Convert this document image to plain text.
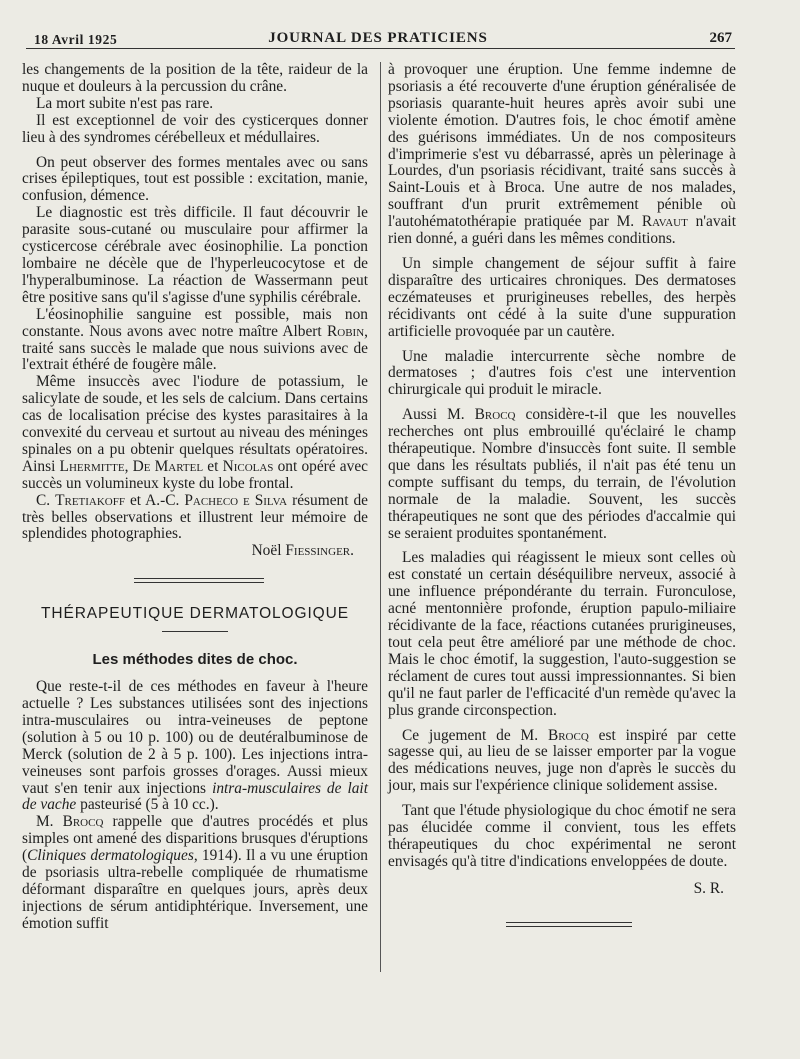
18 Avril 1925	JOURNAL DES PRATICIENS	267

les changements de la position de la tête, raideur de la nuque et douleurs à la percussion du crâne.

La mort subite n'est pas rare.

Il est exceptionnel de voir des cysticerques donner lieu à des syndromes cérébelleux et médullaires.

On peut observer des formes mentales avec ou sans crises épileptiques, tout est possible : excitation, manie, confusion, démence.

Le diagnostic est très difficile. Il faut découvrir le parasite sous-cutané ou musculaire pour affirmer la cysticercose cérébrale avec éosinophilie. La ponction lombaire ne décèle que de l'hyperleucocytose et de l'hyperalbuminose. La réaction de Wassermann peut être positive sans qu'il s'agisse d'une syphilis cérébrale.

L'éosinophilie sanguine est possible, mais non constante. Nous avons avec notre maître Albert Robin, traité sans succès le malade que nous suivions avec de l'extrait éthéré de fougère mâle.

Même insuccès avec l'iodure de potassium, le salicylate de soude, et les sels de calcium. Dans certains cas de localisation précise des kystes parasitaires à la convexité du cerveau et surtout au niveau des méninges spinales on a pu obtenir quelques résultats opératoires. Ainsi Lhermitte, De Martel et Nicolas ont opéré avec succès un volumineux kyste du lobe frontal.

C. Tretiakoff et A.-C. Pacheco e Silva résument de très belles observations et illustrent leur mémoire de splendides photographies.

Noël Fiessinger.

THÉRAPEUTIQUE DERMATOLOGIQUE

Les méthodes dites de choc.

Que reste-t-il de ces méthodes en faveur à l'heure actuelle ? Les substances utilisées sont des injections intra-musculaires ou intra-veineuses de peptone (solution à 5 ou 10 p. 100) ou de deutéralbuminose de Merck (solution de 2 à 5 p. 100). Les injections intra-veineuses sont parfois grosses d'orages. Aussi mieux vaut s'en tenir aux injections intra-musculaires de lait de vache pasteurisé (5 à 10 cc.).

M. Brocq rappelle que d'autres procédés et plus simples ont amené des disparitions brusques d'éruptions (Cliniques dermatologiques, 1914). Il a vu une éruption de psoriasis ultra-rebelle compliquée de rhumatisme déformant disparaître en quelques jours, après deux injections de sérum antidiphtérique. Inversement, une émotion suffit

à provoquer une éruption. Une femme indemne de psoriasis a été recouverte d'une éruption généralisée de psoriasis quarante-huit heures après avoir subi une violente émotion. D'autres fois, le choc émotif amène des guérisons immédiates. Un de nos compositeurs d'imprimerie s'est vu débarrassé, après un pèlerinage à Lourdes, d'un psoriasis récidivant, traité sans succès à Saint-Louis et à Broca. Une autre de nos malades, souffrant d'un prurit extrêmement pénible où l'autohématothérapie pratiquée par M. Ravaut n'avait rien donné, a guéri dans les mêmes conditions.

Un simple changement de séjour suffit à faire disparaître des urticaires chroniques. Des dermatoses eczémateuses et prurigineuses rebelles, des herpès récidivants ont cédé à la suite d'une suppuration artificielle provoquée par un cautère.

Une maladie intercurrente sèche nombre de dermatoses ; d'autres fois c'est une intervention chirurgicale qui produit le miracle.

Aussi M. Brocq considère-t-il que les nouvelles recherches ont plus embrouillé qu'éclairé le champ thérapeutique. Nombre d'insuccès font suite. Il semble que dans les résultats publiés, il n'ait pas été tenu un compte suffisant du temps, du terrain, de l'évolution normale de la maladie. Souvent, les succès thérapeutiques ne sont que des périodes d'accalmie qui se seraient produites spontanément.

Les maladies qui réagissent le mieux sont celles où est constaté un certain déséquilibre nerveux, associé à une influence prépondérante du terrain. Furonculose, acné mentonnière profonde, éruption papulo-miliaire récidivante de la face, réactions cutanées prurigineuses, tout cela peut être amélioré par une méthode de choc. Mais le choc émotif, la suggestion, l'auto-suggestion se réclament de cures tout aussi impressionnantes. Si bien qu'il ne faut parler de l'efficacité d'un remède qu'avec la plus grande circonspection.

Ce jugement de M. Brocq est inspiré par cette sagesse qui, au lieu de se laisser emporter par la vogue des médications neuves, juge non d'après le succès du jour, mais sur l'expérience clinique solidement assise.

Tant que l'étude physiologique du choc émotif ne sera pas élucidée comme il convient, tous les effets thérapeutiques du choc expérimental ne seront envisagés qu'à titre d'indications enveloppées de doute.

S. R.
